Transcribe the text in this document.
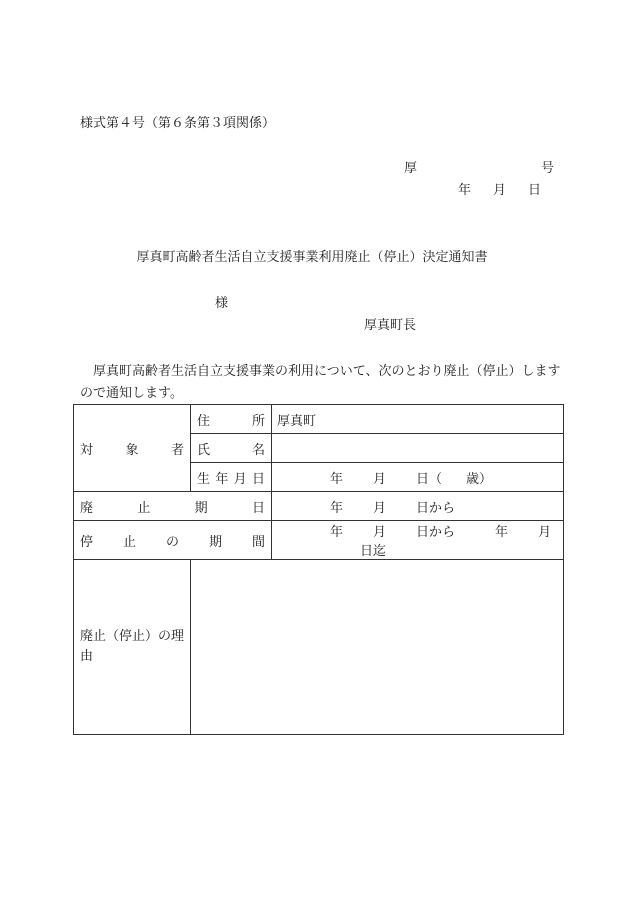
様式第４号（第６条第３項関係）
厚	号
年 月 日
厚真町高齢者生活自立支援事業利用廃止（停止）決定通知書
様
厚真町長
厚真町高齢者生活自立支援事業の利用について、次のとおり廃止（停止）しますので通知します。
対 象 者	住 所	厚真町

	氏 名	

	生 年 月 日	年 月 日（ 歳）

廃 止 期 日		年 月 日から

停 止 の 期 間		年 月 日から 年 月日迄

廃止（停止）の理由		
